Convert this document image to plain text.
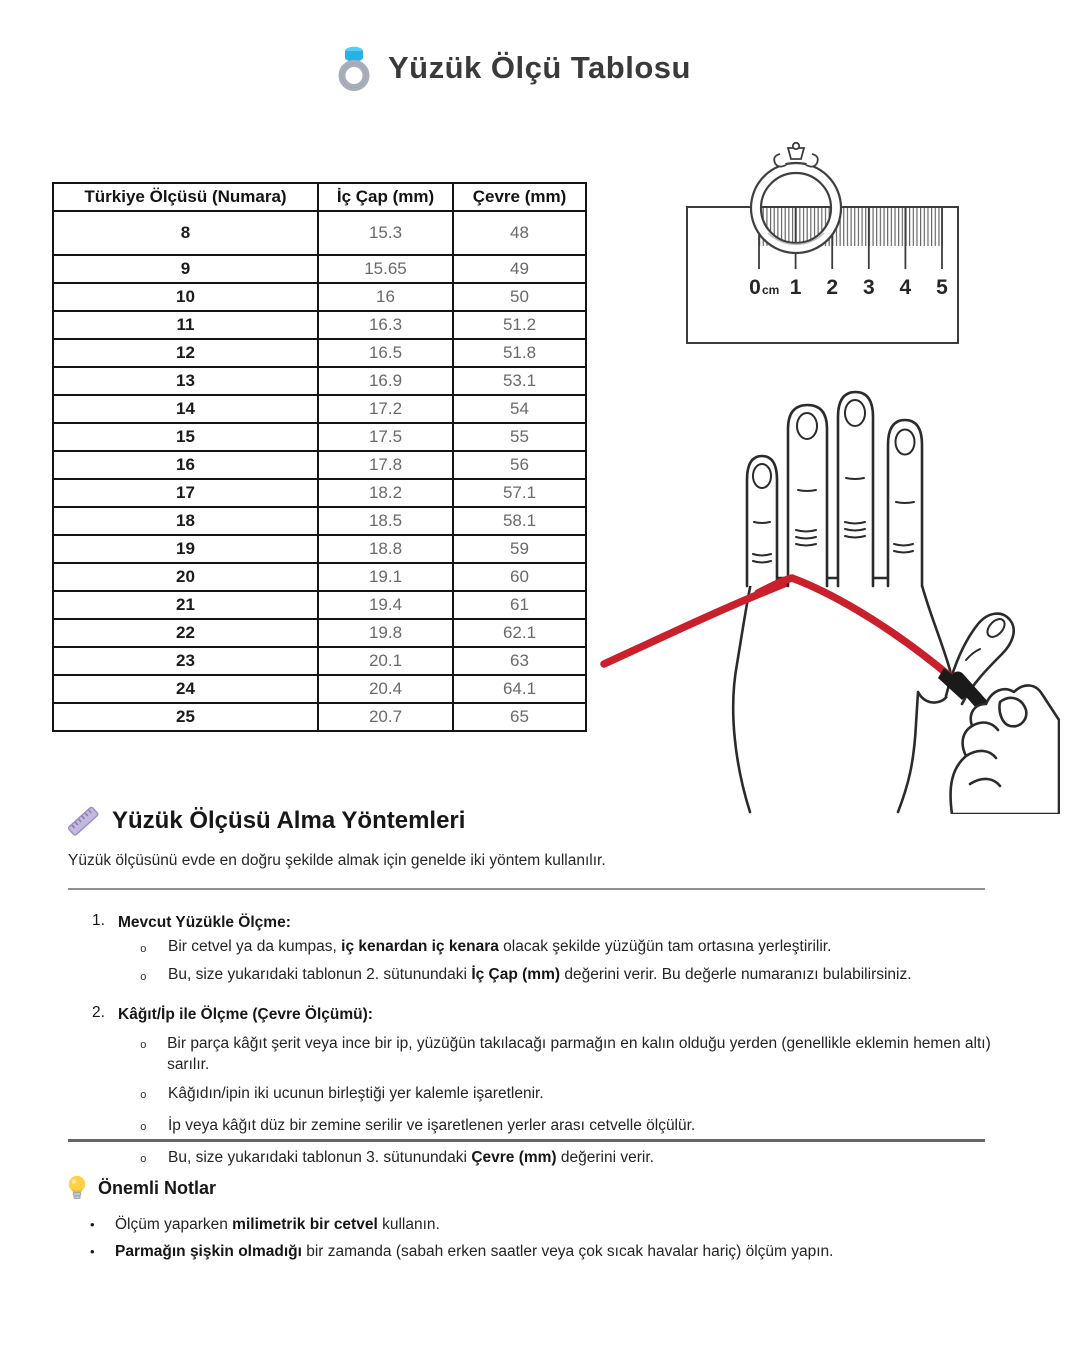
Yüzük Ölçü Tablosu
Türkiye Ölçüsü (Numara)	İç Çap (mm)	Çevre (mm)
8	15.3	48
9	15.65	49
10	16	50
11	16.3	51.2
12	16.5	51.8
13	16.9	53.1
14	17.2	54
15	17.5	55
16	17.8	56
17	18.2	57.1
18	18.5	58.1
19	18.8	59
20	19.1	60
21	19.4	61
22	19.8	62.1
23	20.1	63
24	20.4	64.1
25	20.7	65
0 cm 1 2 3 4 5
Yüzük Ölçüsü Alma Yöntemleri

Yüzük ölçüsünü evde en doğru şekilde almak için genelde iki yöntem kullanılır.

1. Mevcut Yüzükle Ölçme:
o	Bir cetvel ya da kumpas, iç kenardan iç kenara olacak şekilde yüzüğün tam ortasına yerleştirilir.
o	Bu, size yukarıdaki tablonun 2. sütunundaki İç Çap (mm) değerini verir. Bu değerle numaranızı bulabilirsiniz.
2. Kâğıt/İp ile Ölçme (Çevre Ölçümü):
o	Bir parça kâğıt şerit veya ince bir ip, yüzüğün takılacağı parmağın en kalın olduğu yerden (genellikle eklemin hemen altı) sarılır.
o	Kâğıdın/ipin iki ucunun birleştiği yer kalemle işaretlenir.
o	İp veya kâğıt düz bir zemine serilir ve işaretlenen yerler arası cetvelle ölçülür.
o	Bu, size yukarıdaki tablonun 3. sütunundaki Çevre (mm) değerini verir.
Önemli Notlar
•	Ölçüm yaparken milimetrik bir cetvel kullanın.
•	Parmağın şişkin olmadığı bir zamanda (sabah erken saatler veya çok sıcak havalar hariç) ölçüm yapın.
